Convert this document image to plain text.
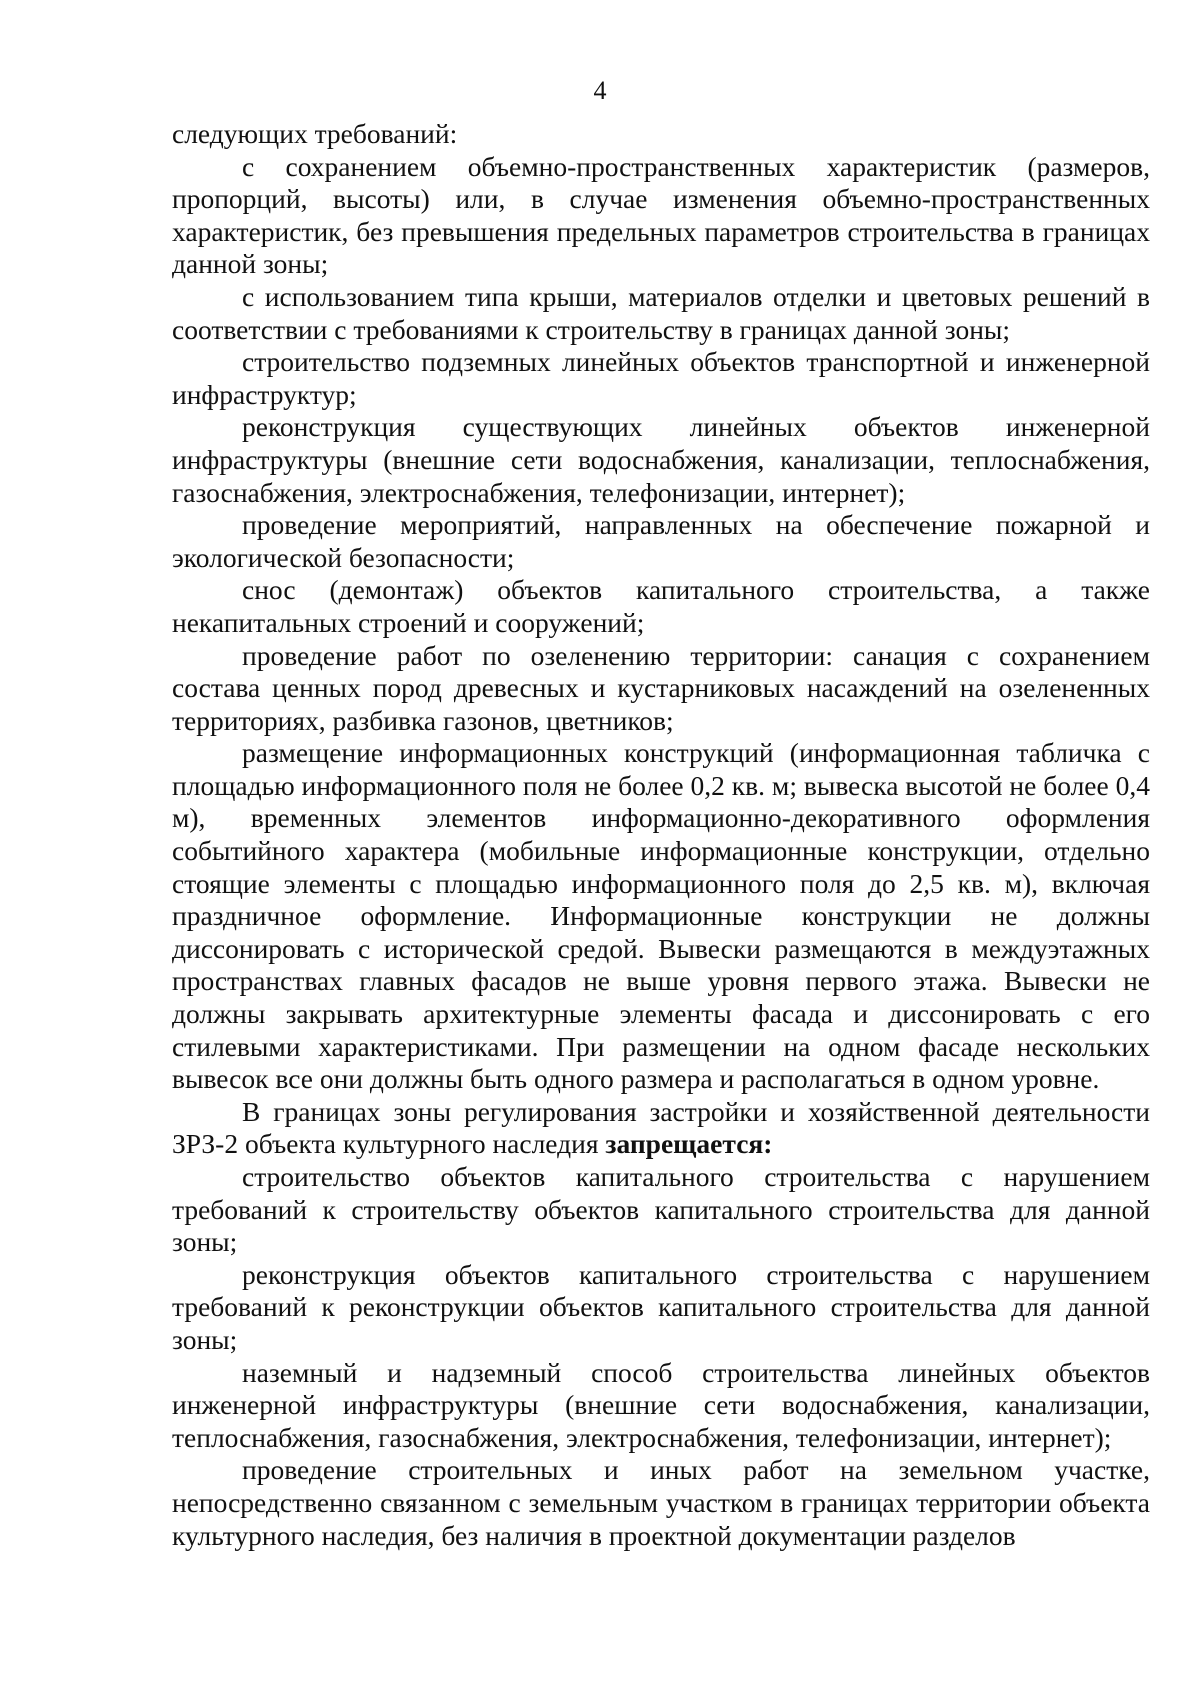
4

следующих требований:

с сохранением объемно-пространственных характеристик (размеров, пропорций, высоты) или, в случае изменения объемно-пространственных характеристик, без превышения предельных параметров строительства в границах данной зоны;

с использованием типа крыши, материалов отделки и цветовых решений в соответствии с требованиями к строительству в границах данной зоны;

строительство подземных линейных объектов транспортной и инженерной инфраструктур;

реконструкция существующих линейных объектов инженерной инфраструктуры (внешние сети водоснабжения, канализации, теплоснабжения, газоснабжения, электроснабжения, телефонизации, интернет);

проведение мероприятий, направленных на обеспечение пожарной и экологической безопасности;

снос (демонтаж) объектов капитального строительства, а также некапитальных строений и сооружений;

проведение работ по озеленению территории: санация с сохранением состава ценных пород древесных и кустарниковых насаждений на озелененных территориях, разбивка газонов, цветников;

размещение информационных конструкций (информационная табличка с площадью информационного поля не более 0,2 кв. м; вывеска высотой не более 0,4 м), временных элементов информационно-декоративного оформления событийного характера (мобильные информационные конструкции, отдельно стоящие элементы с площадью информационного поля до 2,5 кв. м), включая праздничное оформление. Информационные конструкции не должны диссонировать с исторической средой. Вывески размещаются в междуэтажных пространствах главных фасадов не выше уровня первого этажа. Вывески не должны закрывать архитектурные элементы фасада и диссонировать с его стилевыми характеристиками. При размещении на одном фасаде нескольких вывесок все они должны быть одного размера и располагаться в одном уровне.

В границах зоны регулирования застройки и хозяйственной деятельности ЗРЗ-2 объекта культурного наследия запрещается:

строительство объектов капитального строительства с нарушением требований к строительству объектов капитального строительства для данной зоны;

реконструкция объектов капитального строительства с нарушением требований к реконструкции объектов капитального строительства для данной зоны;

наземный и надземный способ строительства линейных объектов инженерной инфраструктуры (внешние сети водоснабжения, канализации, теплоснабжения, газоснабжения, электроснабжения, телефонизации, интернет);

проведение строительных и иных работ на земельном участке, непосредственно связанном с земельным участком в границах территории объекта культурного наследия, без наличия в проектной документации разделов
